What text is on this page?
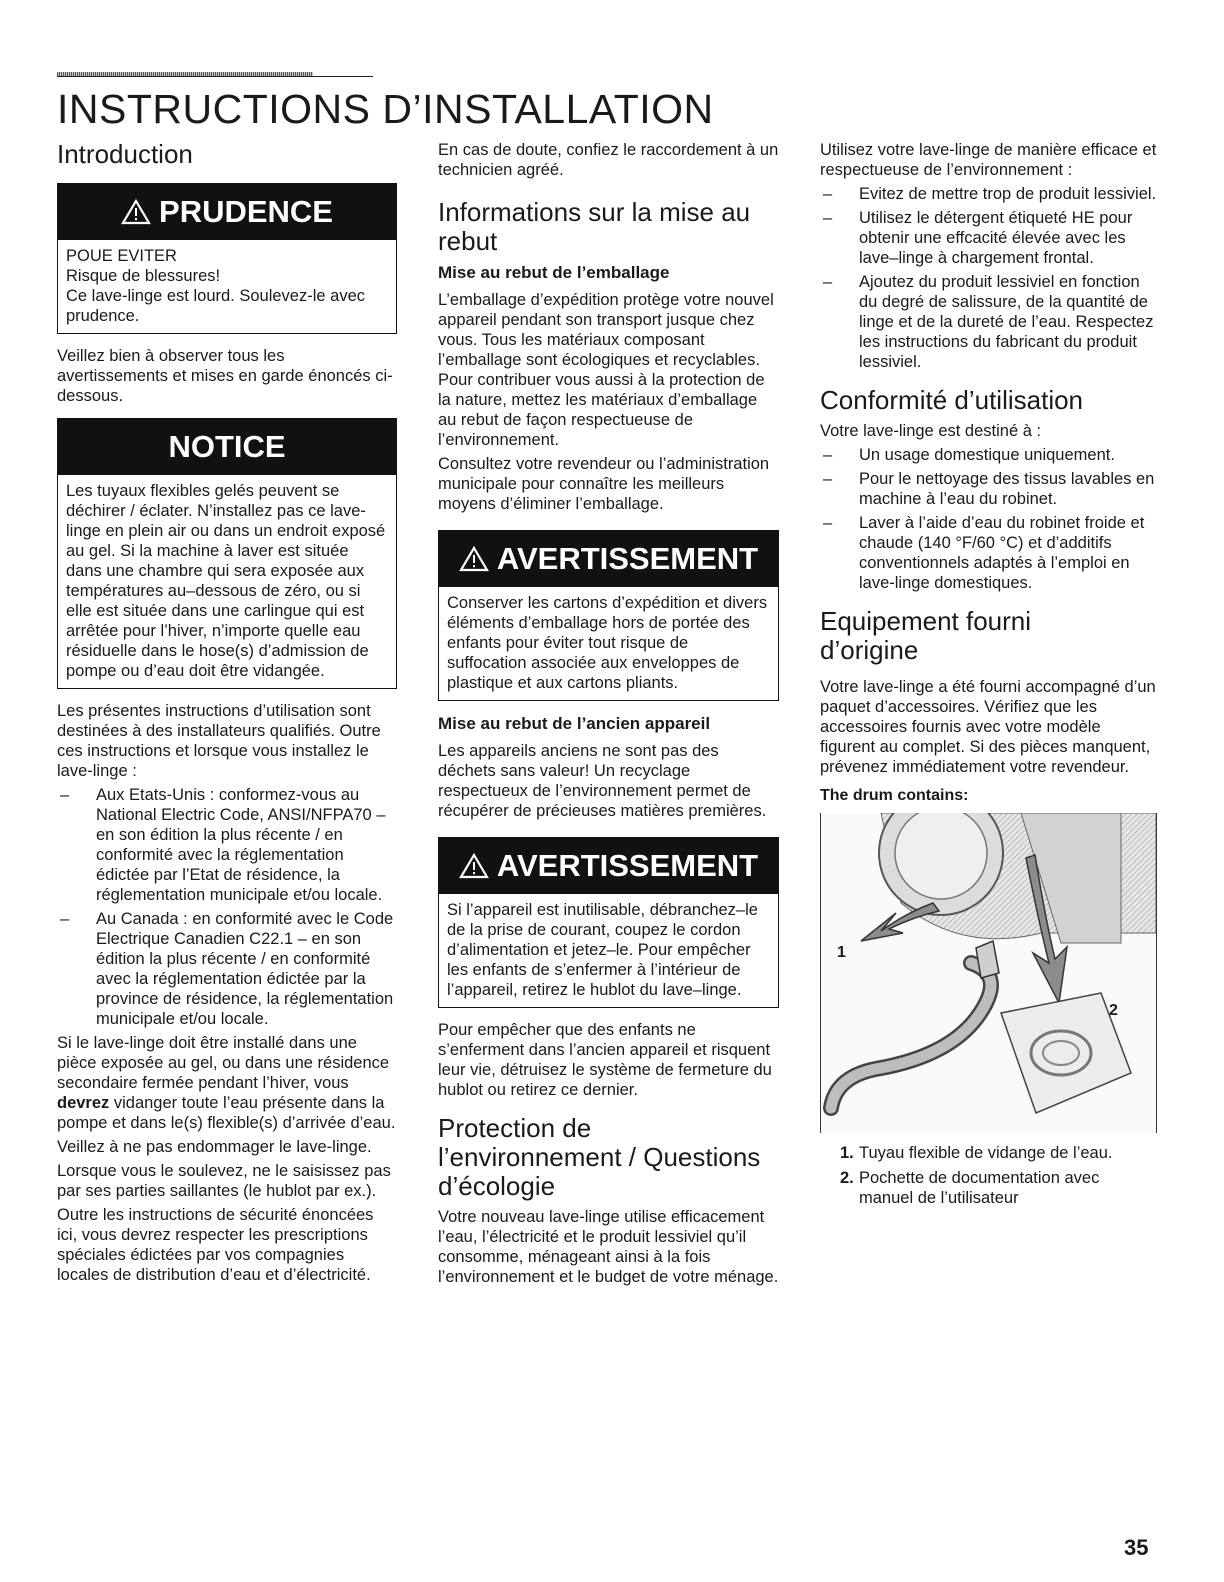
INSTRUCTIONS D’INSTALLATION
Introduction
PRUDENCE
POUE EVITER
Risque de blessures!
Ce lave-linge est lourd. Soulevez-le avec prudence.

Veillez bien à observer tous les avertissements et mises en garde énoncés ci-dessous.

NOTICE
Les tuyaux flexibles gelés peuvent se déchirer / éclater. N’installez pas ce lave-linge en plein air ou dans un endroit exposé au gel. Si la machine à laver est située dans une chambre qui sera exposée aux températures au–dessous de zéro, ou si elle est située dans une carlingue qui est arrêtée pour l’hiver, n’importe quelle eau résiduelle dans le hose(s) d’admission de pompe ou d’eau doit être vidangée.

Les présentes instructions d’utilisation sont destinées à des installateurs qualifiés. Outre ces instructions et lorsque vous installez le lave-linge :

– Aux Etats-Unis : conformez-vous au National Electric Code, ANSI/NFPA70 – en son édition la plus récente / en conformité avec la réglementation édictée par l’Etat de résidence, la réglementation municipale et/ou locale.
– Au Canada : en conformité avec le Code Electrique Canadien C22.1 – en son édition la plus récente / en conformité avec la réglementation édictée par la province de résidence, la réglementation municipale et/ou locale.

Si le lave-linge doit être installé dans une pièce exposée au gel, ou dans une résidence secondaire fermée pendant l’hiver, vous devrez vidanger toute l’eau présente dans la pompe et dans le(s) flexible(s) d’arrivée d’eau.

Veillez à ne pas endommager le lave-linge.

Lorsque vous le soulevez, ne le saisissez pas par ses parties saillantes (le hublot par ex.).

Outre les instructions de sécurité énoncées ici, vous devrez respecter les prescriptions spéciales édictées par vos compagnies locales de distribution d’eau et d’électricité.

En cas de doute, confiez le raccordement à un technicien agréé.

Informations sur la mise au rebut
Mise au rebut de l’emballage

L’emballage d’expédition protège votre nouvel appareil pendant son transport jusque chez vous. Tous les matériaux composant l’emballage sont écologiques et recyclables. Pour contribuer vous aussi à la protection de la nature, mettez les matériaux d’emballage au rebut de façon respectueuse de l’environnement.

Consultez votre revendeur ou l’administration municipale pour connaître les meilleurs moyens d’éliminer l’emballage.

AVERTISSEMENT
Conserver les cartons d’expédition et divers éléments d’emballage hors de portée des enfants pour éviter tout risque de suffocation associée aux enveloppes de plastique et aux cartons pliants.
Mise au rebut de l’ancien appareil

Les appareils anciens ne sont pas des déchets sans valeur! Un recyclage respectueux de l’environnement permet de récupérer de précieuses matières premières.

AVERTISSEMENT
Si l’appareil est inutilisable, débranchez–le de la prise de courant, coupez le cordon d’alimentation et jetez–le. Pour empêcher les enfants de s’enfermer à l’intérieur de l’appareil, retirez le hublot du lave–linge.

Pour empêcher que des enfants ne s’enferment dans l’ancien appareil et risquent leur vie, détruisez le système de fermeture du hublot ou retirez ce dernier.

Protection de l’environnement / Questions d’écologie

Votre nouveau lave-linge utilise efficacement l’eau, l’électricité et le produit lessiviel qu’il consomme, ménageant ainsi à la fois l’environnement et le budget de votre ménage.

Utilisez votre lave-linge de manière efficace et respectueuse de l’environnement :

– Evitez de mettre trop de produit lessiviel.
– Utilisez le détergent étiqueté HE pour obtenir une effcacité élevée avec les lave–linge à chargement frontal.
– Ajoutez du produit lessiviel en fonction du degré de salissure, de la quantité de linge et de la dureté de l’eau. Respectez les instructions du fabricant du produit lessiviel.
Conformité d’utilisation

Votre lave-linge est destiné à :

– Un usage domestique uniquement.
– Pour le nettoyage des tissus lavables en machine à l’eau du robinet.
– Laver à l’aide d’eau du robinet froide et chaude (140 °F/60 °C) et d’additifs conventionnels adaptés à l’emploi en lave-linge domestiques.
Equipement fourni d’origine

Votre lave-linge a été fourni accompagné d’un paquet d’accessoires. Vérifiez que les accessoires fournis avec votre modèle figurent au complet. Si des pièces manquent, prévenez immédiatement votre revendeur.

The drum contains:
1
2
1. Tuyau flexible de vidange de l’eau.
2. Pochette de documentation avec manuel de l’utilisateur
35
